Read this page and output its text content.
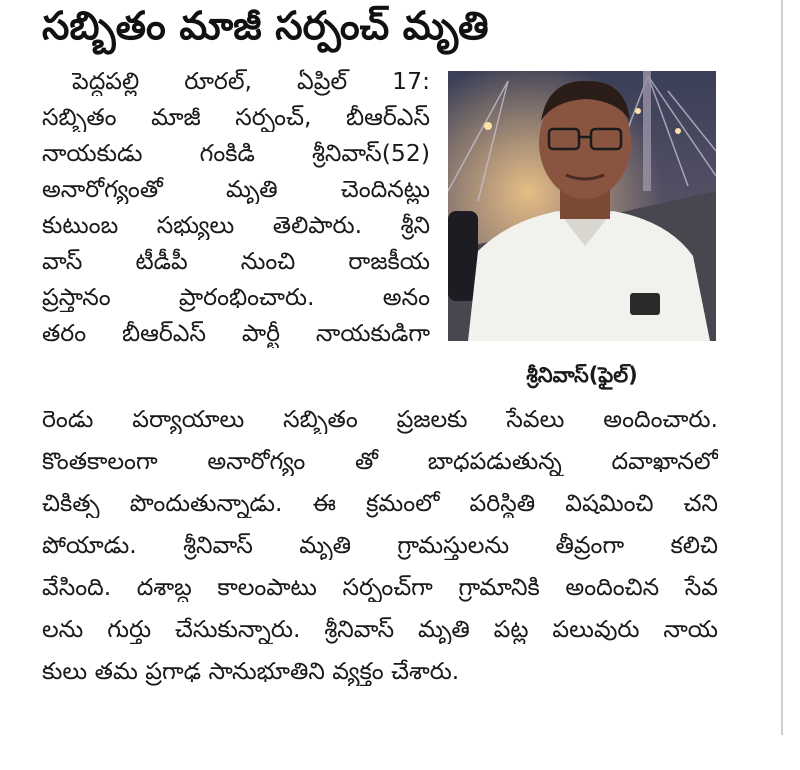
సబ్బితం మాజీ సర్పంచ్‌ మృతి
పెద్దపల్లి రూరల్‌, ఏప్రిల్‌ 17:
సబ్బితం మాజీ సర్పంచ్‌, బీఆర్‌ఎస్‌
నాయకుడు గంకిడి శ్రీనివాస్‌(52)
అనారోగ్యంతో మృతి చెందినట్లు
కుటుంబ సభ్యులు తెలిపారు. శ్రీని
వాస్‌ టీడీపీ నుంచి రాజకీయ
ప్రస్తానం ప్రారంభించారు. అనం
తరం బీఆర్‌ఎస్‌ పార్టీ నాయకుడిగా
రెండు పర్యాయాలు సబ్బితం ప్రజలకు సేవలు అందించారు.
కొంతకాలంగా అనారోగ్యం తో బాధపడుతున్న దవాఖానలో
చికిత్స పొందుతున్నాడు. ఈ క్రమంలో పరిస్థితి విషమించి చని
పోయాడు. శ్రీనివాస్‌ మృతి గ్రామస్తులను తీవ్రంగా కలిచి
వేసింది. దశాబ్ద కాలంపాటు సర్పంచ్‌గా గ్రామానికి అందించిన సేవ
లను గుర్తు చేసుకున్నారు. శ్రీనివాస్‌ మృతి పట్ల పలువురు నాయ
కులు తమ ప్రగాఢ సానుభూతిని వ్యక్తం చేశారు.
శ్రీనివాస్‌(ఫైల్‌)
